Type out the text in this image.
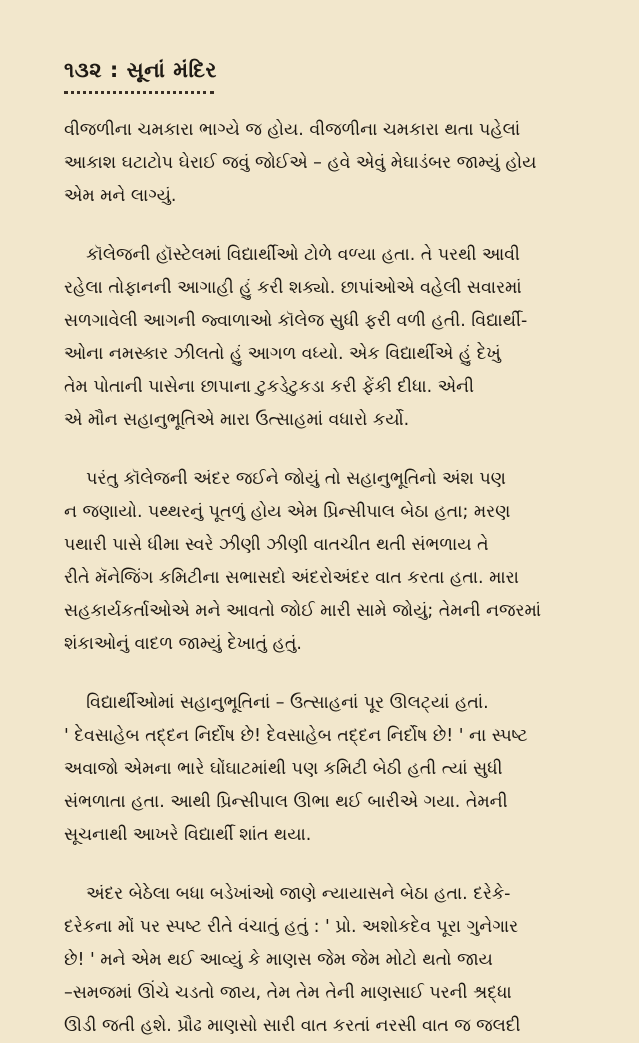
૧૩૨ : સૂનાં મંદિર
વીજળીના ચમકારા ભાગ્યે જ હોય. વીજળીના ચમકારા થતા પહેલાં
આકાશ ઘટાટોપ ઘેરાઈ જવું જોઈએ – હવે એવું મેઘાડંબર જામ્યું હોય
એમ મને લાગ્યું.
કૉલેજની હૉસ્ટેલમાં વિદ્યાર્થીઓ ટોળે વળ્યા હતા. તે પરથી આવી
રહેલા તોફાનની આગાહી હું કરી શક્યો. છાપાંઓએ વહેલી સવારમાં
સળગાવેલી આગની જ્વાળાઓ કૉલેજ સુધી ફરી વળી હતી. વિદ્યાર્થી-
ઓના નમસ્કાર ઝીલતો હું આગળ વધ્યો. એક વિદ્યાર્થીએ હું દેખું
તેમ પોતાની પાસેના છાપાના ટુકડેટુકડા કરી ફેંકી દીધા. એની
એ મૌન સહાનુભૂતિએ મારા ઉત્સાહમાં વધારો કર્યો.
પરંતુ કૉલેજની અંદર જઈને જોયું તો સહાનુભૂતિનો અંશ પણ
ન જણાયો. પથ્થરનું પૂતળું હોય એમ પ્રિન્સીપાલ બેઠા હતા; મરણ
પથારી પાસે ધીમા સ્વરે ઝીણી ઝીણી વાતચીત થતી સંભળાય તે
રીતે મૅનેજિંગ કમિટીના સભાસદો અંદરોઅંદર વાત કરતા હતા. મારા
સહકાર્યકર્તાઓએ મને આવતો જોઈ મારી સામે જોયું; તેમની નજરમાં
શંકાઓનું વાદળ જામ્યું દેખાતું હતું.
વિદ્યાર્થીઓમાં સહાનુભૂતિનાં – ઉત્સાહનાં પૂર ઊલટ્યાં હતાં.
' દેવસાહેબ તદ્દન નિર્દોષ છે! દેવસાહેબ તદ્દન નિર્દોષ છે! ' ના સ્પષ્ટ
અવાજો એમના ભારે ઘોંઘાટમાંથી પણ કમિટી બેઠી હતી ત્યાં સુધી
સંભળાતા હતા. આથી પ્રિન્સીપાલ ઊભા થઈ બારીએ ગયા. તેમની
સૂચનાથી આખરે વિદ્યાર્થી શાંત થયા.
અંદર બેઠેલા બધા બડેખાંઓ જાણે ન્યાયાસને બેઠા હતા. દરેકે-
દરેકના મોં પર સ્પષ્ટ રીતે વંચાતું હતું : ' પ્રો. અશોકદેવ પૂરા ગુનેગાર
છે! ' મને એમ થઈ આવ્યું કે માણસ જેમ જેમ મોટો થતો જાય
–સમજમાં ઊંચે ચડતો જાય, તેમ તેમ તેની માણસાઈ પરની શ્રદ્ધા
ઊડી જતી હશે. પ્રૌઢ માણસો સારી વાત કરતાં નરસી વાત જ જલદી
